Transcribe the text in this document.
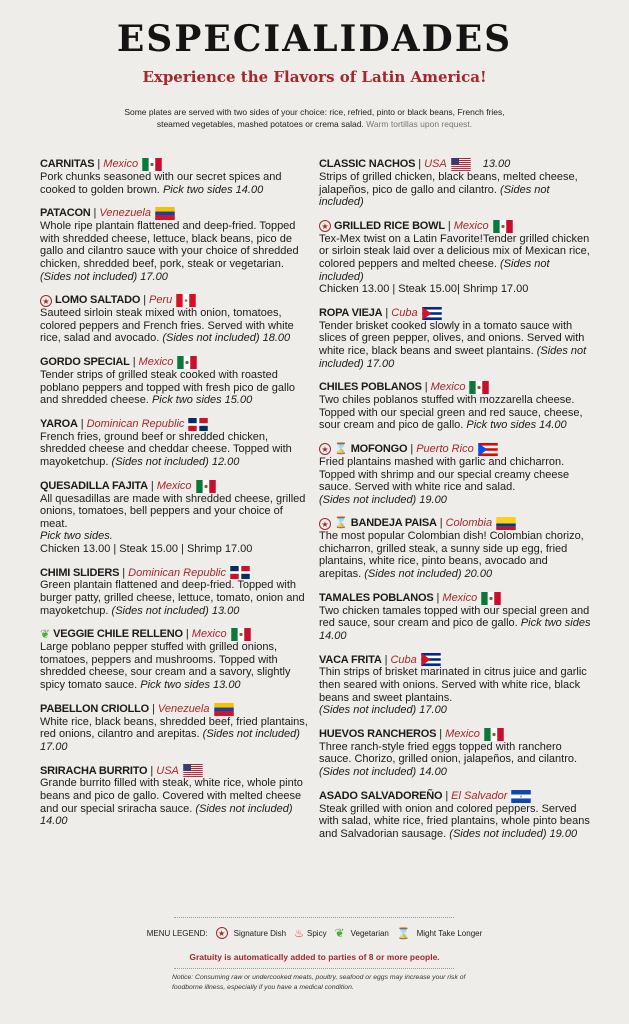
ESPECIALIDADES
Experience the Flavors of Latin America!
Some plates are served with two sides of your choice: rice, refried, pinto or black beans, French fries, steamed vegetables, mashed potatoes or crema salad. Warm tortillas upon request.
CARNITAS | Mexico
Pork chunks seasoned with our secret spices and cooked to golden brown. Pick two sides 14.00
PATACON | Venezuela
Whole ripe plantain flattened and deep-fried. Topped with shredded cheese, lettuce, black beans, pico de gallo and cilantro sauce with your choice of shredded chicken, shredded beef, pork, steak or vegetarian.
(Sides not included) 17.00
★ LOMO SALTADO | Peru
Sauteed sirloin steak mixed with onion, tomatoes, colored peppers and French fries. Served with white rice, salad and avocado. (Sides not included) 18.00
GORDO SPECIAL | Mexico
Tender strips of grilled steak cooked with roasted poblano peppers and topped with fresh pico de gallo and shredded cheese. Pick two sides 15.00
YAROA | Dominican Republic
French fries, ground beef or shredded chicken, shredded cheese and cheddar cheese. Topped with mayoketchup. (Sides not included) 12.00
QUESADILLA FAJITA | Mexico
All quesadillas are made with shredded cheese, grilled onions, tomatoes, bell peppers and your choice of meat.
Pick two sides.
Chicken 13.00 | Steak 15.00 | Shrimp 17.00
CHIMI SLIDERS | Dominican Republic
Green plantain flattened and deep-fried. Topped with burger patty, grilled cheese, lettuce, tomato, onion and mayoketchup. (Sides not included) 13.00
❦ VEGGIE CHILE RELLENO | Mexico
Large poblano pepper stuffed with grilled onions, tomatoes, peppers and mushrooms. Topped with shredded cheese, sour cream and a savory, slightly spicy tomato sauce. Pick two sides 13.00
PABELLON CRIOLLO | Venezuela
White rice, black beans, shredded beef, fried plantains, red onions, cilantro and arepitas. (Sides not included) 17.00
SRIRACHA BURRITO | USA
Grande burrito filled with steak, white rice, whole pinto beans and pico de gallo. Covered with melted cheese and our special sriracha sauce. (Sides not included) 14.00
CLASSIC NACHOS | USA	13.00
Strips of grilled chicken, black beans, melted cheese, jalapeños, pico de gallo and cilantro. (Sides not included)
★ GRILLED RICE BOWL | Mexico
Tex-Mex twist on a Latin Favorite!Tender grilled chicken or sirloin steak laid over a delicious mix of Mexican rice, colored peppers and melted cheese. (Sides not included)
Chicken 13.00 | Steak 15.00| Shrimp 17.00
ROPA VIEJA | Cuba
Tender brisket cooked slowly in a tomato sauce with slices of green pepper, olives, and onions. Served with white rice, black beans and sweet plantains. (Sides not included) 17.00
CHILES POBLANOS | Mexico
Two chiles poblanos stuffed with mozzarella cheese. Topped with our special green and red sauce, cheese, sour cream and pico de gallo. Pick two sides 14.00
★ ⌛ MOFONGO | Puerto Rico
Fried plantains mashed with garlic and chicharron. Topped with shrimp and our special creamy cheese sauce. Served with white rice and salad.
(Sides not included) 19.00
★ ⌛ BANDEJA PAISA | Colombia
The most popular Colombian dish! Colombian chorizo, chicharron, grilled steak, a sunny side up egg, fried plantains, white rice, pinto beans, avocado and arepitas. (Sides not included) 20.00
TAMALES POBLANOS | Mexico
Two chicken tamales topped with our special green and red sauce, sour cream and pico de gallo. Pick two sides 14.00
VACA FRITA | Cuba
Thin strips of brisket marinated in citrus juice and garlic then seared with onions. Served with white rice, black beans and sweet plantains.
(Sides not included) 17.00
HUEVOS RANCHEROS | Mexico
Three ranch-style fried eggs topped with ranchero sauce. Chorizo, grilled onion, jalapeños, and cilantro.
(Sides not included) 14.00
ASADO SALVADOREÑO | El Salvador
Steak grilled with onion and colored peppers. Served with salad, white rice, fried plantains, whole pinto beans and Salvadorian sausage. (Sides not included) 19.00
MENU LEGEND:	★	Signature Dish ♨ Spicy ❦ Vegetarian ⌛ Might Take Longer
Gratuity is automatically added to parties of 8 or more people.
Notice: Consuming raw or undercooked meats, poultry, seafood or eggs may increase your risk of foodborne illness, especially if you have a medical condition.
